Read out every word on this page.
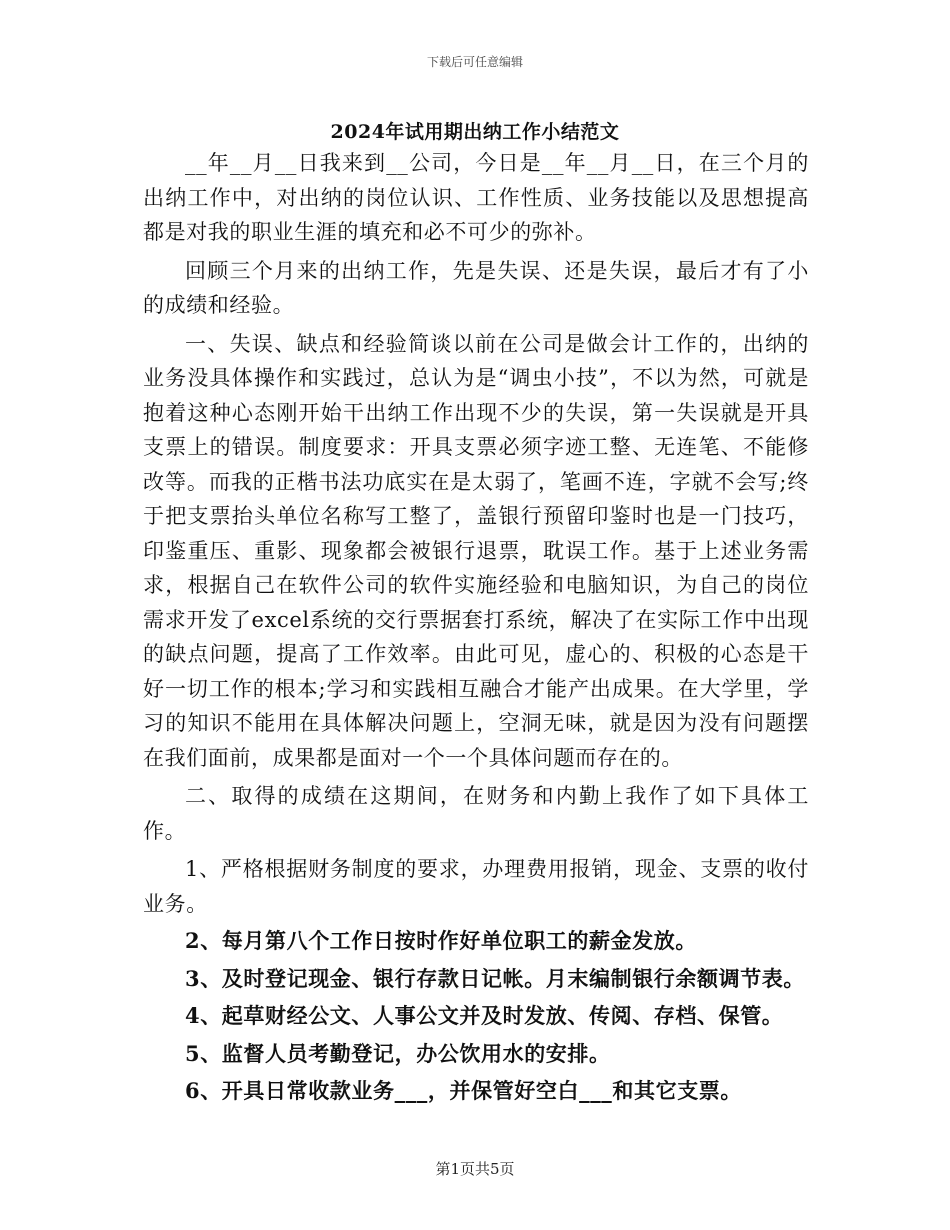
下载后可任意编辑
2024年试用期出纳工作小结范文

__年__月__日我来到__公司，今日是__年__月__日，在三个月的出纳工作中，对出纳的岗位认识、工作性质、业务技能以及思想提高都是对我的职业生涯的填充和必不可少的弥补。

回顾三个月来的出纳工作，先是失误、还是失误，最后才有了小的成绩和经验。

一、失误、缺点和经验简谈以前在公司是做会计工作的，出纳的业务没具体操作和实践过，总认为是“调虫小技”，不以为然，可就是抱着这种心态刚开始干出纳工作出现不少的失误，第一失误就是开具支票上的错误。制度要求：开具支票必须字迹工整、无连笔、不能修改等。而我的正楷书法功底实在是太弱了，笔画不连，字就不会写;终于把支票抬头单位名称写工整了，盖银行预留印鉴时也是一门技巧，印鉴重压、重影、现象都会被银行退票，耽误工作。基于上述业务需求，根据自己在软件公司的软件实施经验和电脑知识，为自己的岗位需求开发了excel系统的交行票据套打系统，解决了在实际工作中出现的缺点问题，提高了工作效率。由此可见，虚心的、积极的心态是干好一切工作的根本;学习和实践相互融合才能产出成果。在大学里，学习的知识不能用在具体解决问题上，空洞无味，就是因为没有问题摆在我们面前，成果都是面对一个一个具体问题而存在的。

二、取得的成绩在这期间，在财务和内勤上我作了如下具体工作。

1、严格根据财务制度的要求，办理费用报销，现金、支票的收付业务。

2、每月第八个工作日按时作好单位职工的薪金发放。

3、及时登记现金、银行存款日记帐。月末编制银行余额调节表。

4、起草财经公文、人事公文并及时发放、传阅、存档、保管。

5、监督人员考勤登记，办公饮用水的安排。

6、开具日常收款业务___，并保管好空白___和其它支票。

第1页共5页
